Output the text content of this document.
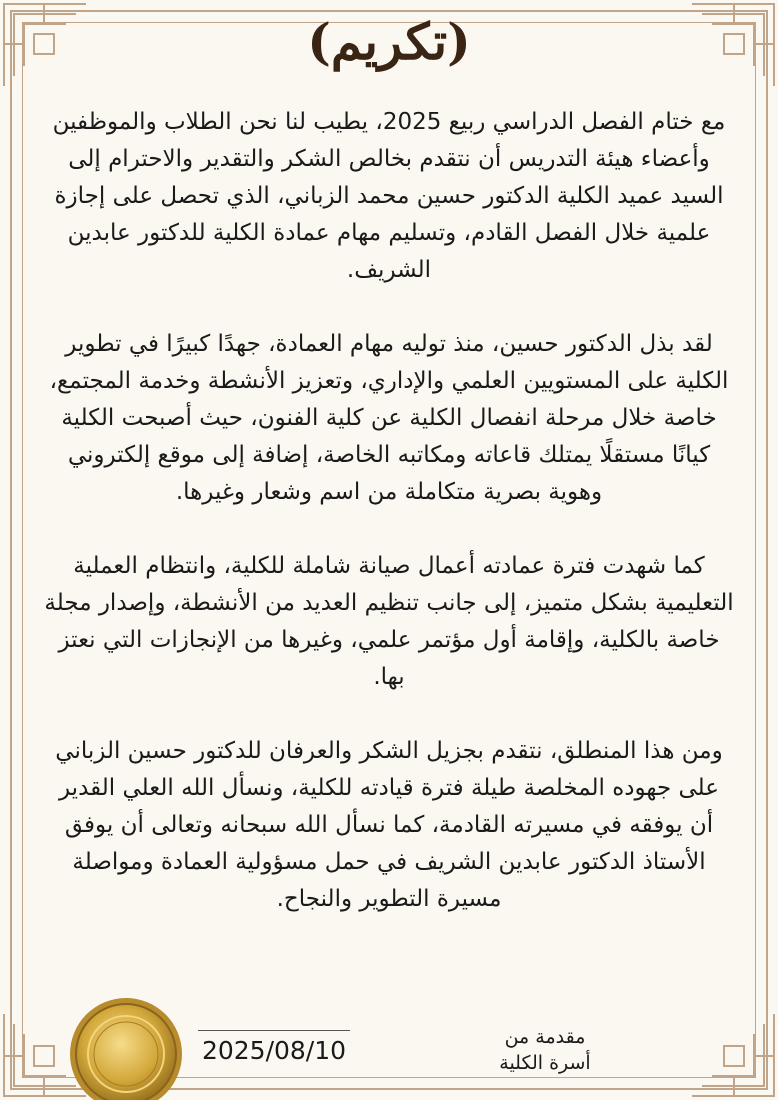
(تكريم)

مع ختام الفصل الدراسي ربيع 2025، يطيب لنا نحن الطلاب والموظفين وأعضاء هيئة التدريس أن نتقدم بخالص الشكر والتقدير والاحترام إلى السيد عميد الكلية الدكتور حسين محمد الزباني، الذي تحصل على إجازة علمية خلال الفصل القادم، وتسليم مهام عمادة الكلية للدكتور عابدين الشريف.

لقد بذل الدكتور حسين، منذ توليه مهام العمادة، جهدًا كبيرًا في تطوير الكلية على المستويين العلمي والإداري، وتعزيز الأنشطة وخدمة المجتمع، خاصة خلال مرحلة انفصال الكلية عن كلية الفنون، حيث أصبحت الكلية كيانًا مستقلًا يمتلك قاعاته ومكاتبه الخاصة، إضافة إلى موقع إلكتروني وهوية بصرية متكاملة من اسم وشعار وغيرها.

كما شهدت فترة عمادته أعمال صيانة شاملة للكلية، وانتظام العملية التعليمية بشكل متميز، إلى جانب تنظيم العديد من الأنشطة، وإصدار مجلة خاصة بالكلية، وإقامة أول مؤتمر علمي، وغيرها من الإنجازات التي نعتز بها.

ومن هذا المنطلق، نتقدم بجزيل الشكر والعرفان للدكتور حسين الزباني على جهوده المخلصة طيلة فترة قيادته للكلية، ونسأل الله العلي القدير أن يوفقه في مسيرته القادمة، كما نسأل الله سبحانه وتعالى أن يوفق الأستاذ الدكتور عابدين الشريف في حمل مسؤولية العمادة ومواصلة مسيرة التطوير والنجاح.

2025/08/10	مقدمة من
أسرة الكلية
